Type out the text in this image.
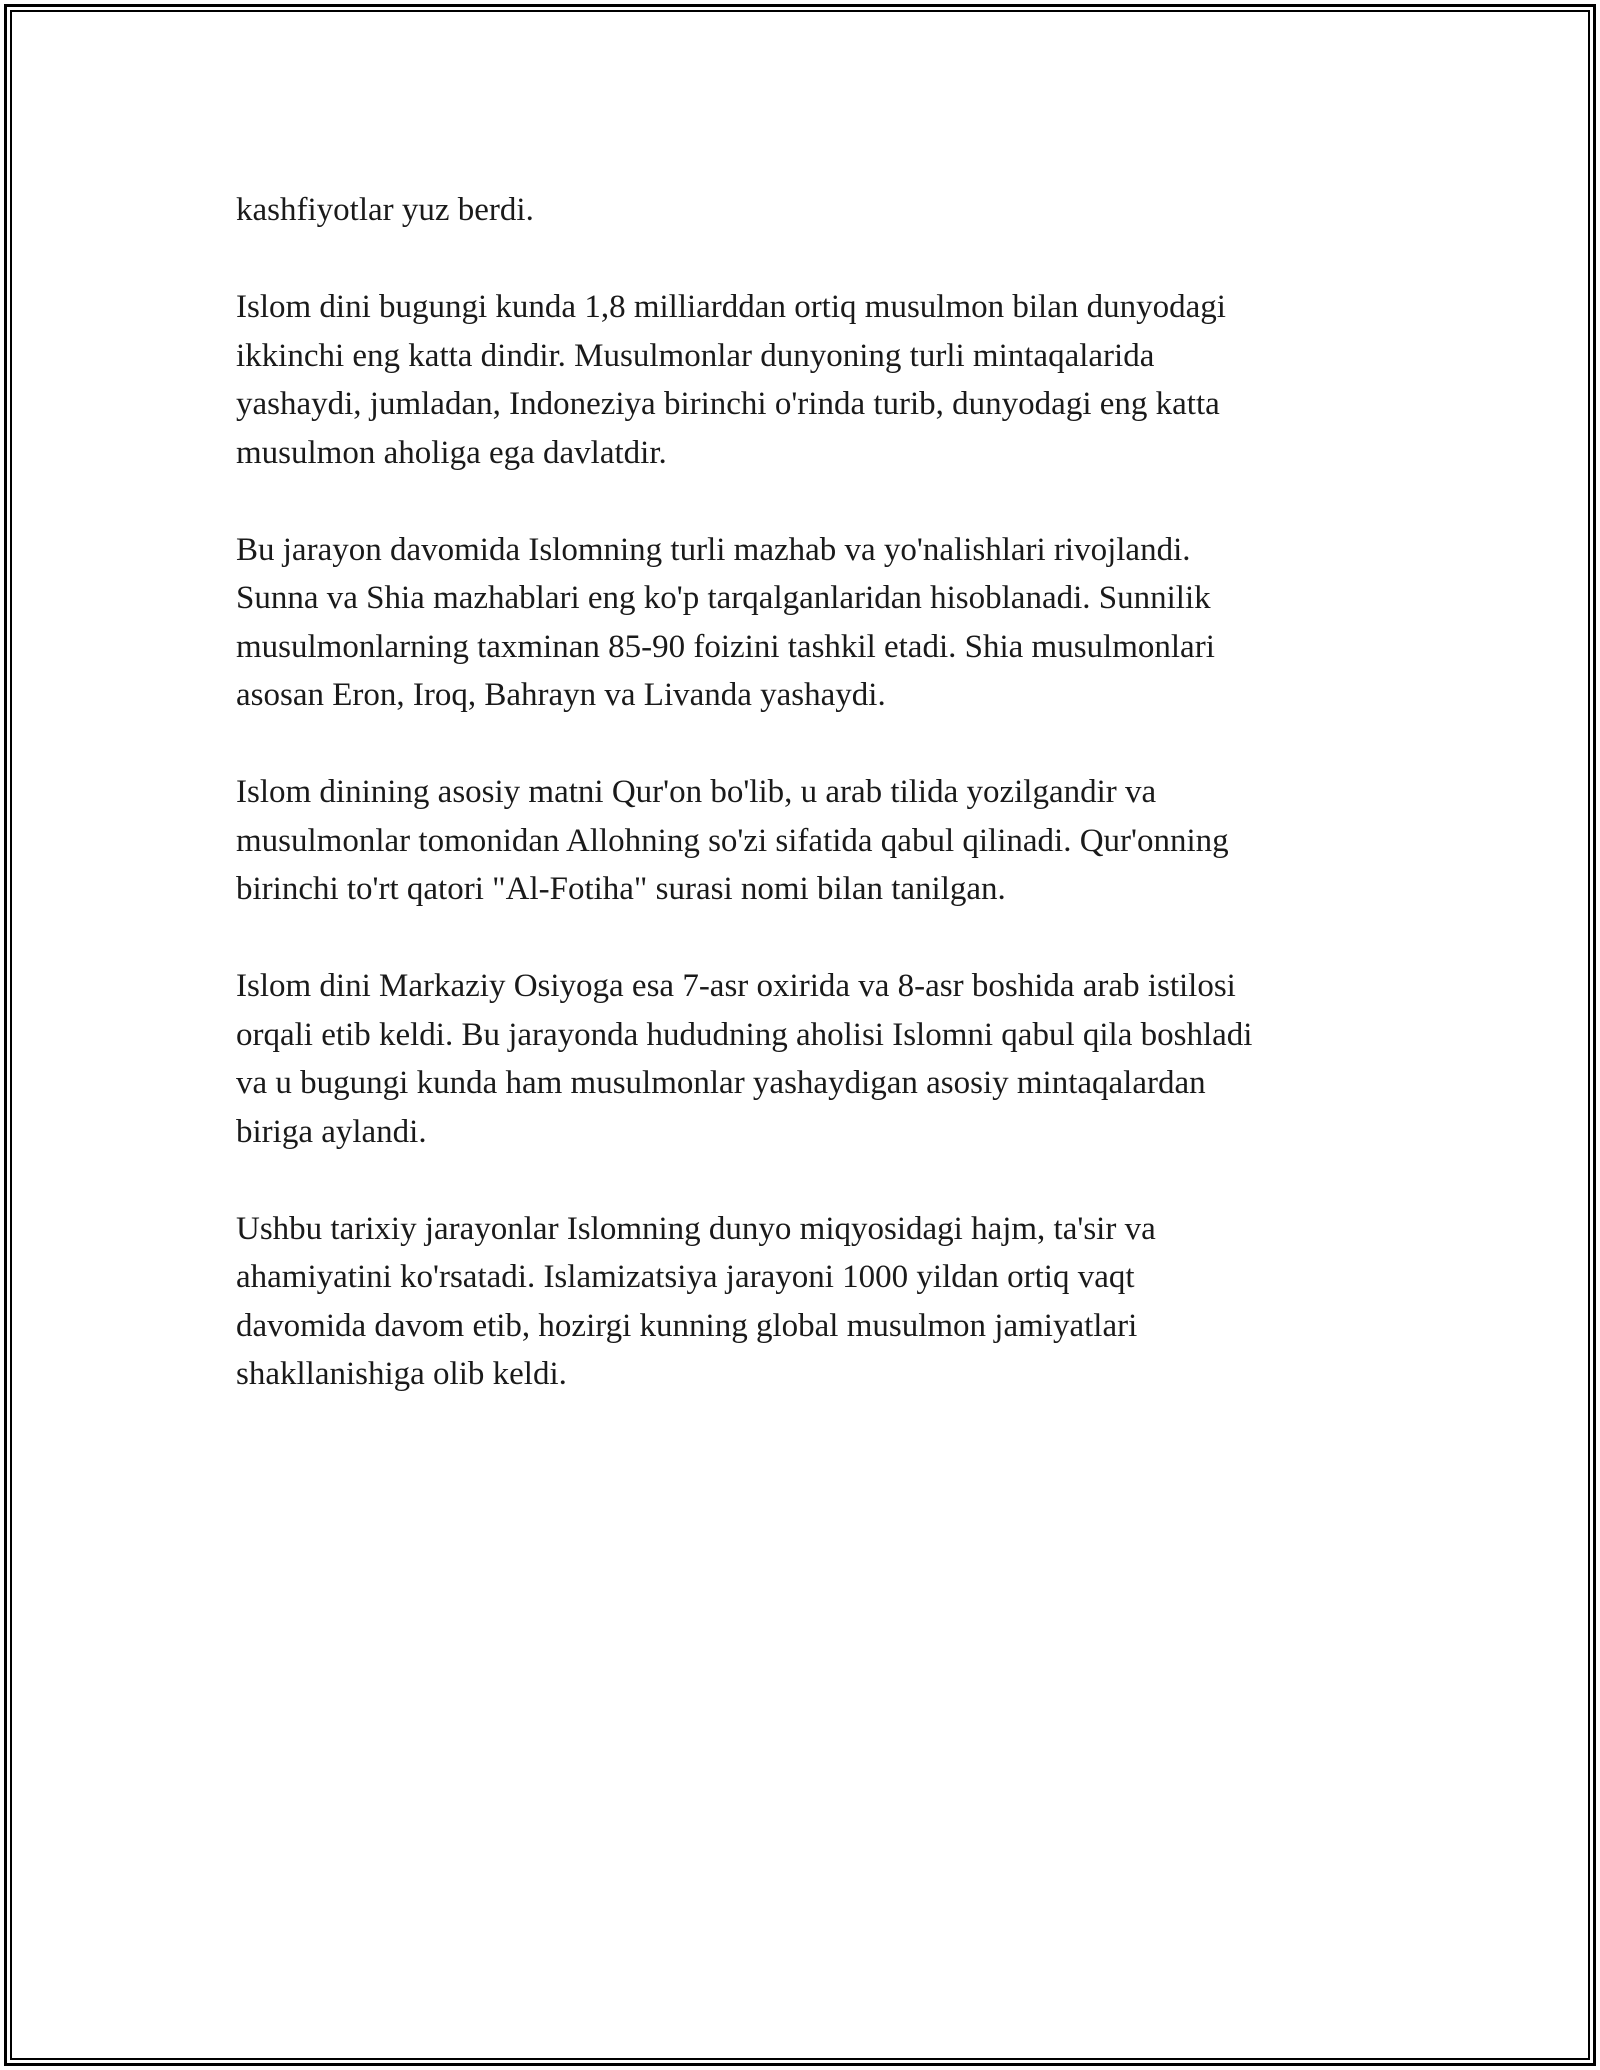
kashfiyotlar yuz berdi.

Islom dini bugungi kunda 1,8 milliarddan ortiq musulmon bilan dunyodagi
ikkinchi eng katta dindir. Musulmonlar dunyoning turli mintaqalarida
yashaydi, jumladan, Indoneziya birinchi o'rinda turib, dunyodagi eng katta
musulmon aholiga ega davlatdir.

Bu jarayon davomida Islomning turli mazhab va yo'nalishlari rivojlandi.
Sunna va Shia mazhablari eng ko'p tarqalganlaridan hisoblanadi. Sunnilik
musulmonlarning taxminan 85-90 foizini tashkil etadi. Shia musulmonlari
asosan Eron, Iroq, Bahrayn va Livanda yashaydi.

Islom dinining asosiy matni Qur'on bo'lib, u arab tilida yozilgandir va
musulmonlar tomonidan Allohning so'zi sifatida qabul qilinadi. Qur'onning
birinchi to'rt qatori "Al-Fotiha" surasi nomi bilan tanilgan.

Islom dini Markaziy Osiyoga esa 7-asr oxirida va 8-asr boshida arab istilosi
orqali etib keldi. Bu jarayonda hududning aholisi Islomni qabul qila boshladi
va u bugungi kunda ham musulmonlar yashaydigan asosiy mintaqalardan
biriga aylandi.

Ushbu tarixiy jarayonlar Islomning dunyo miqyosidagi hajm, ta'sir va
ahamiyatini ko'rsatadi. Islamizatsiya jarayoni 1000 yildan ortiq vaqt
davomida davom etib, hozirgi kunning global musulmon jamiyatlari
shakllanishiga olib keldi.
